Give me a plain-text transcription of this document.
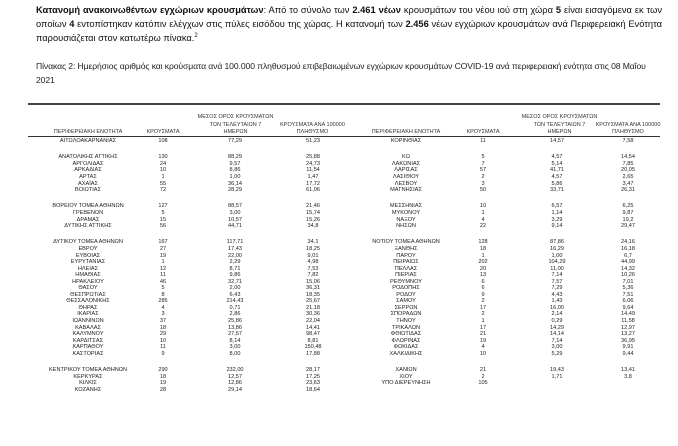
Κατανομή ανακοινωθέντων εγχώριων κρουσμάτων: Από το σύνολο των 2.461 νέων κρουσμάτων του νέου ιού στη χώρα 5 είναι εισαγόμενα εκ των οποίων 4 εντοπίστηκαν κατόπιν ελέγχων στις πύλες εισόδου της χώρας. Η κατανομή των 2.456 νέων εγχώριων κρουσμάτων ανά Περιφερειακή Ενότητα παρουσιάζεται στον κατωτέρω πίνακα.$^2$
Πίνακας 2: Ημερήσιος αριθμός και κρούσματα ανά 100.000 πληθυσμού επιβεβαιωμένων εγχώριων κρουσμάτων COVID-19 ανά περιφερειακή ενότητα στις 08 Μαΐου 2021
ΠΕΡΙΦΕΡΕΙΑΚΗ ΕΝΟΤΗΤΑ	ΚΡΟΥΣΜΑΤΑ
ΜΕΣΟΣ ΟΡΟΣ ΚΡΟΥΣΜΑΤΩΝ
ΤΩΝ ΤΕΛΕΥΤΑΙΩΝ 7
ΗΜΕΡΩΝ
ΚΡΟΥΣΜΑΤΑ ΑΝΑ 100000
ΠΛΗΘΥΣΜΟ	ΠΕΡΙΦΕΡΕΙΑΚΗ ΕΝΟΤΗΤΑ	ΚΡΟΥΣΜΑΤΑ
ΜΕΣΟΣ ΟΡΟΣ ΚΡΟΥΣΜΑΤΩΝ
ΤΩΝ ΤΕΛΕΥΤΑΙΩΝ 7
ΗΜΕΡΩΝ
ΚΡΟΥΣΜΑΤΑ ΑΝΑ 100000
ΠΛΗΘΥΣΜΟ
ΑΙΤΩΛΟΑΚΑΡΝΑΝΙΑΣ	108	77,29	51,23
ΑΝΑΤΟΛΙΚΗΣ ΑΤΤΙΚΗΣ	130	88,29	25,88
ΑΡΓΟΛΙΔΑΣ	24	9,57	24,73
ΑΡΚΑΔΙΑΣ	10	8,86	11,54
ΑΡΤΑΣ	1	1,00	1,47
ΑΧΑΪΑΣ	55	36,14	17,72
ΒΟΙΩΤΙΑΣ	72	28,29	61,06
ΒΟΡΕΙΟΥ ΤΟΜΕΑ ΑΘΗΝΩΝ	127	88,57	21,46
ΓΡΕΒΕΝΩΝ	5	3,00	15,74
ΔΡΑΜΑΣ	15	10,57	15,26
ΔΥΤΙΚΗΣ ΑΤΤΙΚΗΣ	56	44,71	34,8
ΔΥΤΙΚΟΥ ΤΟΜΕΑ ΑΘΗΝΩΝ	167	117,71	34,1
ΕΒΡΟΥ	27	17,43	18,25
ΕΥΒΟΙΑΣ	19	22,00	9,01
ΕΥΡΥΤΑΝΙΑΣ	1	2,29	4,98
ΗΛΕΙΑΣ	12	8,71	7,53
ΗΜΑΘΙΑΣ	11	9,86	7,82
ΗΡΑΚΛΕΙΟΥ	46	32,71	15,06
ΘΑΣΟΥ	5	2,00	36,31
ΘΕΣΠΡΩΤΙΑΣ	8	6,43	18,35
ΘΕΣΣΑΛΟΝΙΚΗΣ	285	214,43	25,67
ΘΗΡΑΣ	4	0,71	21,18
ΙΚΑΡΙΑΣ	3	2,86	30,36
ΙΩΑΝΝΙΝΩΝ	37	25,86	22,04
ΚΑΒΑΛΑΣ	18	13,86	14,41
ΚΑΛΥΜΝΟΥ	29	27,57	98,47
ΚΑΡΔΙΤΣΑΣ	10	8,14	8,81
ΚΑΡΠΑΘΟΥ	11	3,00	150,48
ΚΑΣΤΟΡΙΑΣ	9	8,00	17,88
ΚΕΝΤΡΙΚΟΥ ΤΟΜΕΑ ΑΘΗΝΩΝ	290	232,00	28,17
ΚΕΡΚΥΡΑΣ	18	12,57	17,25
ΚΙΛΚΙΣ	19	12,86	23,63
ΚΟΖΑΝΗΣ	28	29,14	18,64
ΚΟΡΙΝΘΙΑΣ	11	14,57	7,58
ΚΩ	5	4,57	14,54
ΛΑΚΩΝΙΑΣ	7	5,14	7,85
ΛΑΡΙΣΑΣ	57	41,71	20,05
ΛΑΣΙΘΙΟΥ	2	4,57	2,65
ΛΕΣΒΟΥ	3	5,86	3,47
ΜΑΓΝΗΣΙΑΣ	50	33,71	26,31
ΜΕΣΣΗΝΙΑΣ	10	6,57	6,25
ΜΥΚΟΝΟΥ	1	1,14	9,87
ΝΑΞΟΥ	4	3,29	19,2
ΝΗΣΩΝ	22	9,14	29,47
ΝΟΤΙΟΥ ΤΟΜΕΑ ΑΘΗΝΩΝ	128	87,86	24,16
ΞΑΝΘΗΣ	18	16,29	16,18
ΠΑΡΟΥ	1	1,00	6,7
ΠΕΙΡΑΙΩΣ	202	104,29	44,99
ΠΕΛΛΑΣ	20	11,00	14,32
ΠΙΕΡΙΑΣ	13	7,14	10,26
ΡΕΘΥΜΝΟΥ	6	7,57	7,01
ΡΟΔΟΠΗΣ	6	7,29	5,36
ΡΟΔΟΥ	9	4,43	7,51
ΣΑΜΟΥ	2	1,43	6,06
ΣΕΡΡΩΝ	17	16,00	9,64
ΣΠΟΡΑΔΩΝ	2	2,14	14,49
ΤΗΝΟΥ	1	0,29	11,58
ΤΡΙΚΑΛΩΝ	17	14,29	12,97
ΦΘΙΩΤΙΔΑΣ	21	14,14	13,27
ΦΛΩΡΙΝΑΣ	19	7,14	36,95
ΦΩΚΙΔΑΣ	4	3,00	9,91
ΧΑΛΚΙΔΙΚΗΣ	10	5,29	9,44
ΧΑΝΙΩΝ	21	19,43	13,41
ΧΙΟΥ	2	1,71	3,8
ΥΠΟ ΔΙΕΡΕΥΝΗΣΗ	105
